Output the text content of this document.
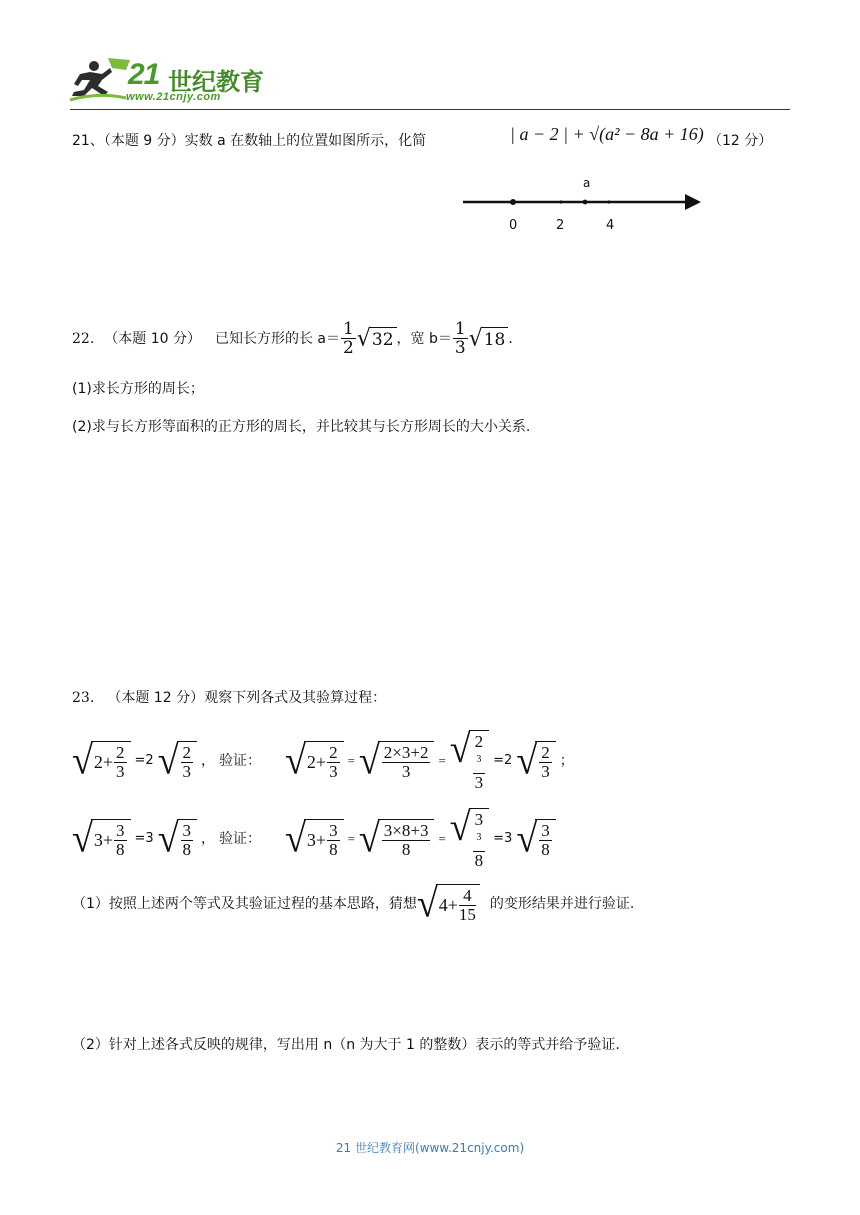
21 世纪教育
www.21cnjy.com
21、（本题 9 分）实数 a 在数轴上的位置如图所示，化简	| a − 2 | + √(a² − 8a + 16) （12 分）
a
0	2	4
22. （本题 10 分） 已知长方形的长 $a= \frac{1}{2}$ √ 32 ，宽 $b= \frac{1}{3}$ √ 18 .
(1)求长方形的周长；
(2)求与长方形等面积的正方形的周长，并比较其与长方形周长的大小关系.
23. （本题 12 分）观察下列各式及其验算过程：
√ $2 + \frac{2}{3} =2$ √ $\frac{2}{3}$ ， 验证： √ $2 + \frac{2}{3}$ = √ $\frac{2\times 3+2}{3}$ = √ 2
$^3$
3 =2 √ $\frac{2}{3}$ ；
√ $3 + \frac{3}{8} =3$ √ $\frac{3}{8}$ ， 验证： √ $3 + \frac{3}{8}$ = √ $\frac{3\times 8+3}{8}$ = √ 3
$^3$
8 =3 √ $\frac{3}{8}$
（1）按照上述两个等式及其验证过程的基本思路，猜想 √ $4 + \frac{4}{15}$ 的变形结果并进行验证.
（2）针对上述各式反映的规律，写出用 n（n 为大于 1 的整数）表示的等式并给予验证.
21 世纪教育网(www.21cnjy.com)
